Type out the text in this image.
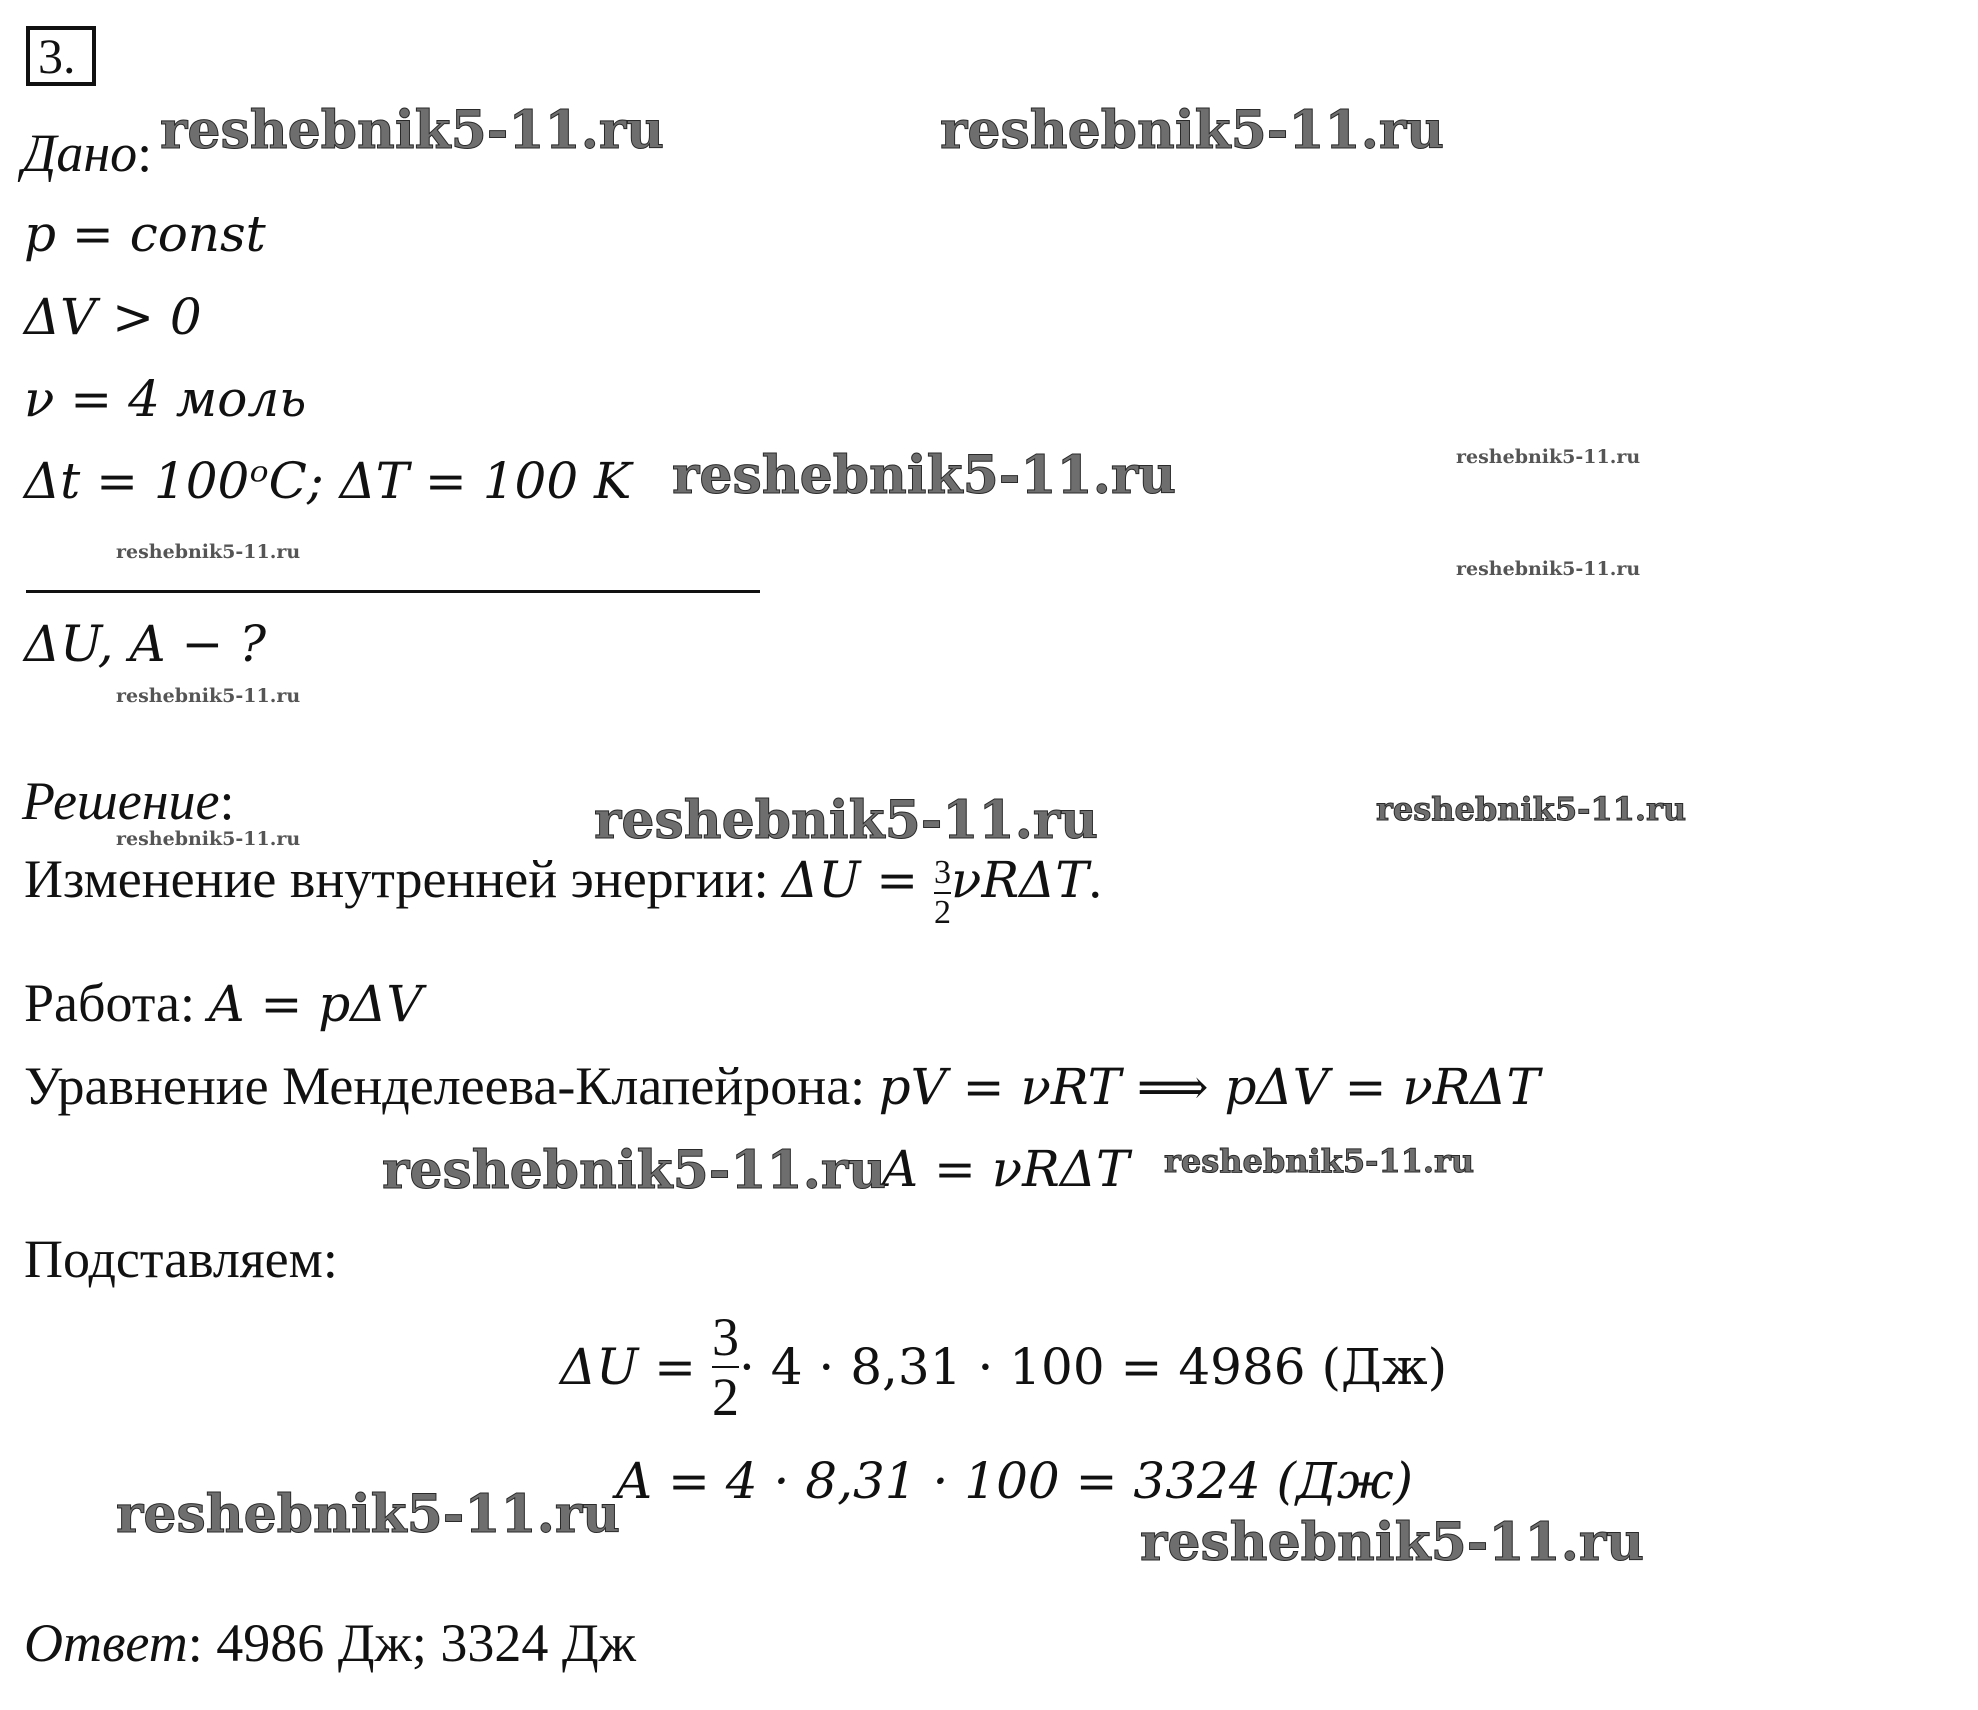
3.
Дано:
p = const
ΔV > 0
ν = 4 моль
Δt = 100ᵒC; ΔT = 100 K
ΔU, A − ?
Решение:
Изменение внутренней энергии: $\Delta U = \frac{3}{2} \nu R\Delta T$.
Работа: A = pΔV
Уравнение Менделеева-Клапейрона: pV = νRT ⟹ pΔV = νRΔT
A = νRΔT
Подставляем:
$\Delta U = \frac{3}{2} \cdot 4 \cdot 8,31 \cdot 100 = 4986$ (Дж)
A = 4 · 8,31 · 100 = 3324 (Дж)
Ответ: 4986 Дж; 3324 Дж
reshebnik5-11.ru	reshebnik5-11.ru
reshebnik5-11.ru	reshebnik5-11.ru
reshebnik5-11.ru
reshebnik5-11.ru
reshebnik5-11.ru
reshebnik5-11.ru	reshebnik5-11.ru
reshebnik5-11.ru
reshebnik5-11.ru	reshebnik5-11.ru
reshebnik5-11.ru	reshebnik5-11.ru
